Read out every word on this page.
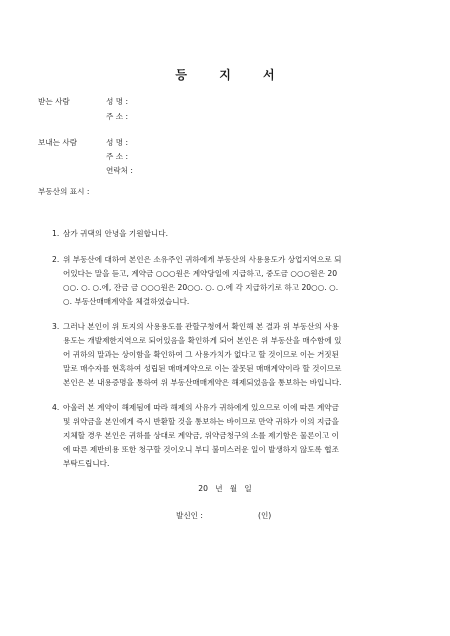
등 지 서
받는 사람	성 명 :
주 소 :
보내는 사람	성 명 :
주 소 :
연락처 :
부동산의 표시 :
1. 삼가 귀댁의 안녕을 기원합니다.
2. 위 부동산에 대하여 본인은 소유주인 귀하에게 부동산의 사용용도가 상업지역으로 되
어있다는 말을 듣고, 계약금 ○○○원은 계약당일에 지급하고, 중도금 ○○○원은 20
○○. ○. ○.에, 잔금 금 ○○○원은 20○○. ○. ○.에 각 지급하기로 하고 20○○. ○.
○. 부동산매매계약을 체결하였습니다.
3. 그러나 본인이 위 토지의 사용용도를 관할구청에서 확인해 본 결과 위 부동산의 사용
용도는 개발제한지역으로 되어있음을 확인하게 되어 본인은 위 부동산을 매수함에 있
어 귀하의 말과는 상이함을 확인하여 그 사용가치가 없다고 할 것이므로 이는 거짓된
말로 매수자를 현혹하여 성립된 매매계약으로 이는 잘못된 매매계약이라 할 것이므로
본인은 본 내용증명을 통하여 위 부동산매매계약은 해제되었음을 통보하는 바입니다.
4. 아울러 본 계약이 해제됨에 따라 해제의 사유가 귀하에게 있으므로 이에 따른 계약금
및 위약금을 본인에게 즉시 반환할 것을 통보하는 바이므로 만약 귀하가 이의 지급을
지체할 경우 본인은 귀하를 상대로 계약금, 위약금청구의 소를 제기함은 물론이고 이
에 따른 제반비용 또한 청구할 것이오니 부디 불미스러운 일이 발생하지 않도록 협조
부탁드립니다.
20   년   월   일
발신인 :	(인)
